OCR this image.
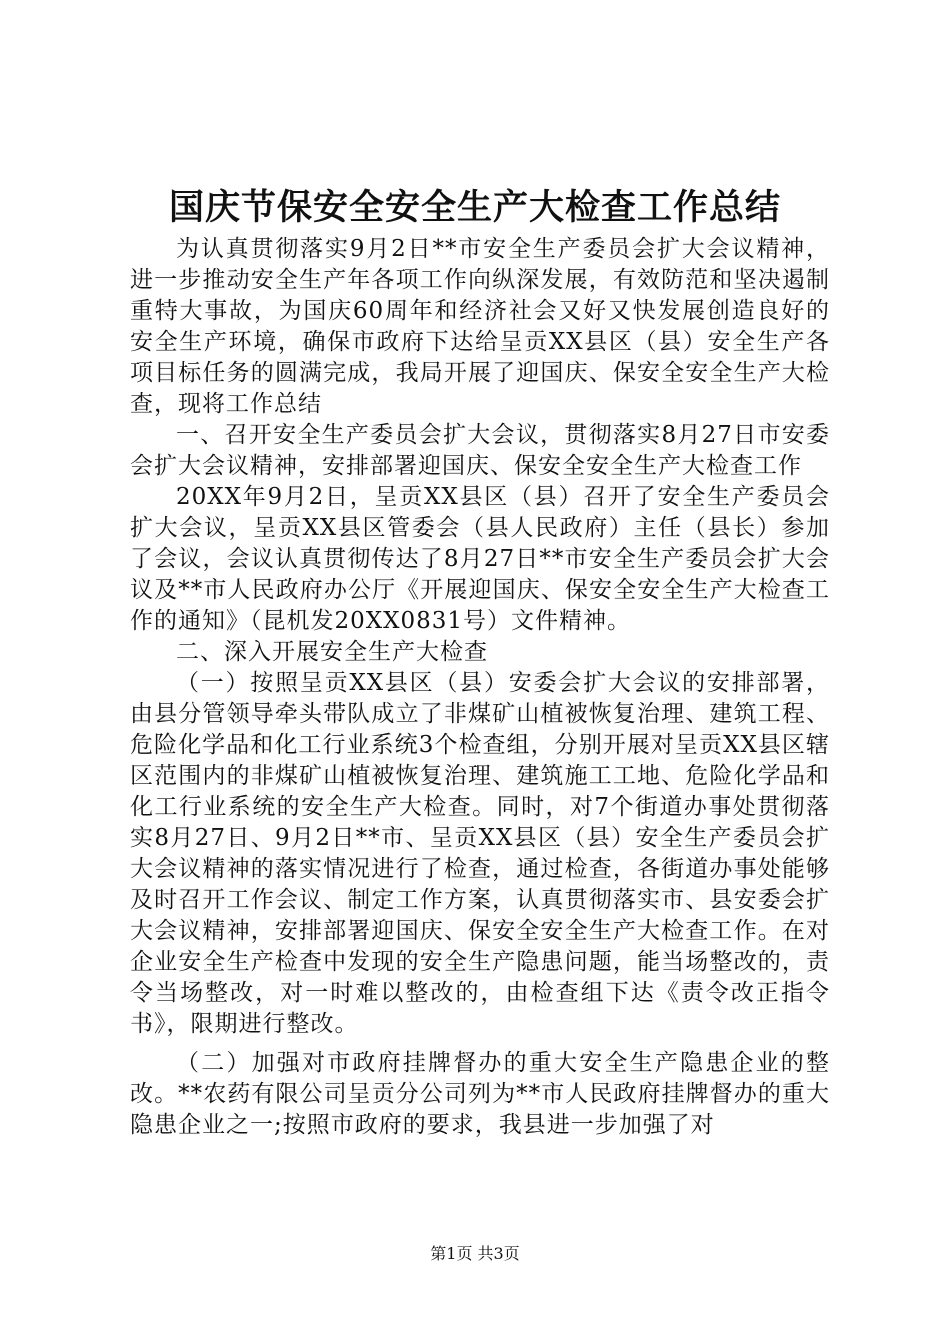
国庆节保安全安全生产大检查工作总结

为认真贯彻落实9月2日**市安全生产委员会扩大会议精神，进一步推动安全生产年各项工作向纵深发展，有效防范和坚决遏制重特大事故，为国庆60周年和经济社会又好又快发展创造良好的安全生产环境，确保市政府下达给呈贡XX县区（县）安全生产各项目标任务的圆满完成，我局开展了迎国庆、保安全安全生产大检查，现将工作总结

一、召开安全生产委员会扩大会议，贯彻落实8月27日市安委会扩大会议精神，安排部署迎国庆、保安全安全生产大检查工作

20XX年9月2日，呈贡XX县区（县）召开了安全生产委员会扩大会议，呈贡XX县区管委会（县人民政府）主任（县长）参加了会议，会议认真贯彻传达了8月27日**市安全生产委员会扩大会议及**市人民政府办公厅《开展迎国庆、保安全安全生产大检查工作的通知》（昆机发20XX0831号）文件精神。

二、深入开展安全生产大检查

（一）按照呈贡XX县区（县）安委会扩大会议的安排部署，由县分管领导牵头带队成立了非煤矿山植被恢复治理、建筑工程、危险化学品和化工行业系统3个检查组，分别开展对呈贡XX县区辖区范围内的非煤矿山植被恢复治理、建筑施工工地、危险化学品和化工行业系统的安全生产大检查。同时，对7个街道办事处贯彻落实8月27日、9月2日**市、呈贡XX县区（县）安全生产委员会扩大会议精神的落实情况进行了检查，通过检查，各街道办事处能够及时召开工作会议、制定工作方案，认真贯彻落实市、县安委会扩大会议精神，安排部署迎国庆、保安全安全生产大检查工作。在对企业安全生产检查中发现的安全生产隐患问题，能当场整改的，责令当场整改，对一时难以整改的，由检查组下达《责令改正指令书》，限期进行整改。

（二）加强对市政府挂牌督办的重大安全生产隐患企业的整改。**农药有限公司呈贡分公司列为**市人民政府挂牌督办的重大隐患企业之一;按照市政府的要求，我县进一步加强了对

第1页 共3页
